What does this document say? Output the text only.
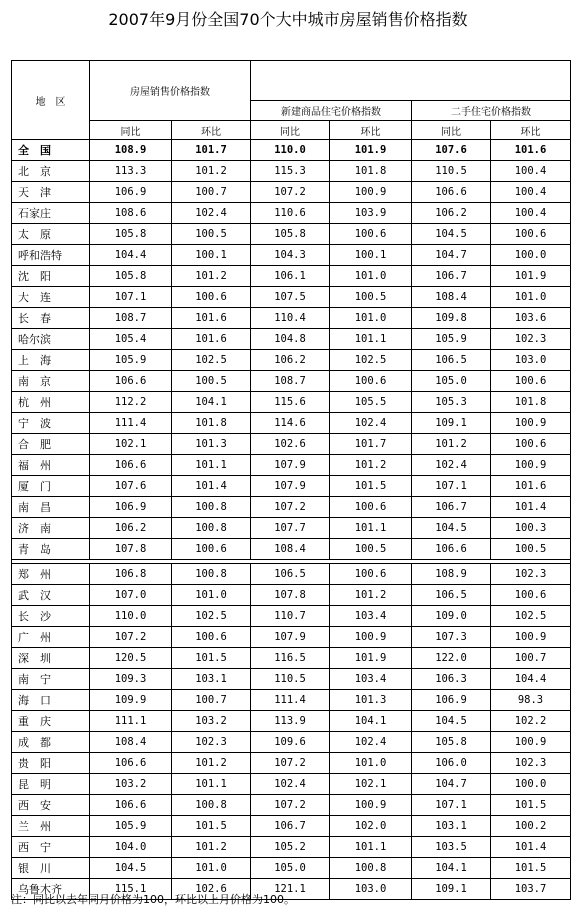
2007年9月份全国70个大中城市房屋销售价格指数
地　区	房屋销售价格指数					
			新建商品住宅价格指数		二手住宅价格指数	
	同比	环比	同比	环比	同比	环比
全　国	108.9	101.7	110.0	101.9	107.6	101.6
北　京	113.3	101.2	115.3	101.8	110.5	100.4
天　津	106.9	100.7	107.2	100.9	106.6	100.4
石家庄	108.6	102.4	110.6	103.9	106.2	100.4
太　原	105.8	100.5	105.8	100.6	104.5	100.6
呼和浩特	104.4	100.1	104.3	100.1	104.7	100.0
沈　阳	105.8	101.2	106.1	101.0	106.7	101.9
大　连	107.1	100.6	107.5	100.5	108.4	101.0
长　春	108.7	101.6	110.4	101.0	109.8	103.6
哈尔滨	105.4	101.6	104.8	101.1	105.9	102.3
上　海	105.9	102.5	106.2	102.5	106.5	103.0
南　京	106.6	100.5	108.7	100.6	105.0	100.6
杭　州	112.2	104.1	115.6	105.5	105.3	101.8
宁　波	111.4	101.8	114.6	102.4	109.1	100.9
合　肥	102.1	101.3	102.6	101.7	101.2	100.6
福　州	106.6	101.1	107.9	101.2	102.4	100.9
厦　门	107.6	101.4	107.9	101.5	107.1	101.6
南　昌	106.9	100.8	107.2	100.6	106.7	101.4
济　南	106.2	100.8	107.7	101.1	104.5	100.3
青　岛	107.8	100.6	108.4	100.5	106.6	100.5

郑　州	106.8	100.8	106.5	100.6	108.9	102.3
武　汉	107.0	101.0	107.8	101.2	106.5	100.6
长　沙	110.0	102.5	110.7	103.4	109.0	102.5
广　州	107.2	100.6	107.9	100.9	107.3	100.9
深　圳	120.5	101.5	116.5	101.9	122.0	100.7
南　宁	109.3	103.1	110.5	103.4	106.3	104.4
海　口	109.9	100.7	111.4	101.3	106.9	98.3
重　庆	111.1	103.2	113.9	104.1	104.5	102.2
成　都	108.4	102.3	109.6	102.4	105.8	100.9
贵　阳	106.6	101.2	107.2	101.0	106.0	102.3
昆　明	103.2	101.1	102.4	102.1	104.7	100.0
西　安	106.6	100.8	107.2	100.9	107.1	101.5
兰　州	105.9	101.5	106.7	102.0	103.1	100.2
西　宁	104.0	101.2	105.2	101.1	103.5	101.4
银　川	104.5	101.0	105.0	100.8	104.1	101.5
乌鲁木齐	115.1	102.6	121.1	103.0	109.1	103.7
注：同比以去年同月价格为100，环比以上月价格为100。
